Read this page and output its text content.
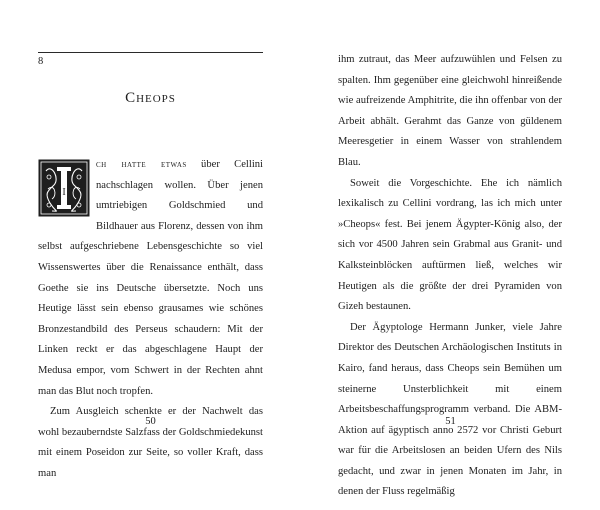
8
Cheops

I
ch hatte etwas über Cellini nachschlagen wollen. Über jenen umtriebigen Goldschmied und Bildhauer aus Florenz, dessen von ihm selbst aufgeschriebene Lebensgeschichte so viel Wissenswertes über die Renaissance enthält, dass Goethe sie ins Deutsche übersetzte. Noch uns Heutige lässt sein ebenso grausames wie schönes Bronzestandbild des Perseus schaudern: Mit der Linken reckt er das abgeschlagene Haupt der Medusa empor, vom Schwert in der Rechten ahnt man das Blut noch tropfen.

Zum Ausgleich schenkte er der Nachwelt das wohl bezauberndste Salzfass der Goldschmiedekunst mit einem Poseidon zur Seite, so voller Kraft, dass man

50

ihm zutraut, das Meer aufzuwühlen und Felsen zu spalten. Ihm gegenüber eine gleichwohl hinreißende wie aufreizende Amphitrite, die ihn offenbar von der Arbeit abhält. Gerahmt das Ganze von güldenem Meeresgetier in einem Wasser von strahlendem Blau.

Soweit die Vorgeschichte. Ehe ich nämlich lexikalisch zu Cellini vordrang, las ich mich unter »Cheops« fest. Bei jenem Ägypter-König also, der sich vor 4500 Jahren sein Grabmal aus Granit- und Kalksteinblöcken auftürmen ließ, welches wir Heutigen als die größte der drei Pyramiden von Gizeh bestaunen.

Der Ägyptologe Hermann Junker, viele Jahre Direktor des Deutschen Archäologischen Instituts in Kairo, fand heraus, dass Cheops sein Bemühen um steinerne Unsterblichkeit mit einem Arbeitsbeschaffungsprogramm verband. Die ABM-Aktion auf ägyptisch anno 2572 vor Christi Geburt war für die Arbeitslosen an beiden Ufern des Nils gedacht, und zwar in jenen Monaten im Jahr, in denen der Fluss regelmäßig

51
